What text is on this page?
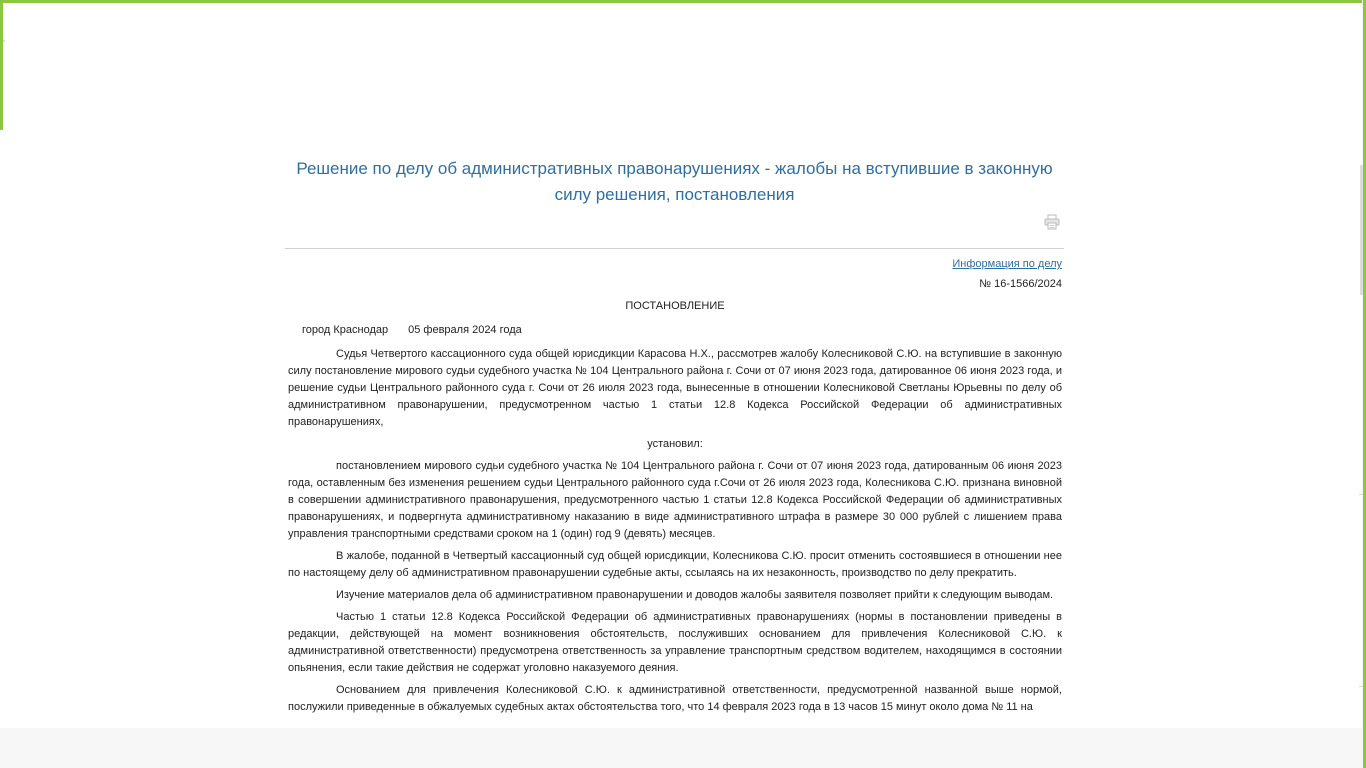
Решение по делу об административных правонарушениях - жалобы на вступившие в законную силу решения, постановления
Информация по делу
№ 16-1566/2024
ПОСТАНОВЛЕНИЕ
город Краснодар 05 февраля 2024 года

Судья Четвертого кассационного суда общей юрисдикции Карасова Н.Х., рассмотрев жалобу Колесниковой С.Ю. на вступившие в законную силу постановление мирового судьи судебного участка № 104 Центрального района г. Сочи от 07 июня 2023 года, датированное 06 июня 2023 года, и решение судьи Центрального районного суда г. Сочи от 26 июля 2023 года, вынесенные в отношении Колесниковой Светланы Юрьевны по делу об административном правонарушении, предусмотренном частью 1 статьи 12.8 Кодекса Российской Федерации об административных правонарушениях,

установил:

постановлением мирового судьи судебного участка № 104 Центрального района г. Сочи от 07 июня 2023 года, датированным 06 июня 2023 года, оставленным без изменения решением судьи Центрального районного суда г.Сочи от 26 июля 2023 года, Колесникова С.Ю. признана виновной в совершении административного правонарушения, предусмотренного частью 1 статьи 12.8 Кодекса Российской Федерации об административных правонарушениях, и подвергнута административному наказанию в виде административного штрафа в размере 30 000 рублей с лишением права управления транспортными средствами сроком на 1 (один) год 9 (девять) месяцев.

В жалобе, поданной в Четвертый кассационный суд общей юрисдикции, Колесникова С.Ю. просит отменить состоявшиеся в отношении нее по настоящему делу об административном правонарушении судебные акты, ссылаясь на их незаконность, производство по делу прекратить.

Изучение материалов дела об административном правонарушении и доводов жалобы заявителя позволяет прийти к следующим выводам.

Частью 1 статьи 12.8 Кодекса Российской Федерации об административных правонарушениях (нормы в постановлении приведены в редакции, действующей на момент возникновения обстоятельств, послуживших основанием для привлечения Колесниковой С.Ю. к административной ответственности) предусмотрена ответственность за управление транспортным средством водителем, находящимся в состоянии опьянения, если такие действия не содержат уголовно наказуемого деяния.

Основанием для привлечения Колесниковой С.Ю. к административной ответственности, предусмотренной названной выше нормой, послужили приведенные в обжалуемых судебных актах обстоятельства того, что 14 февраля 2023 года в 13 часов 15 минут около дома № 11 на
